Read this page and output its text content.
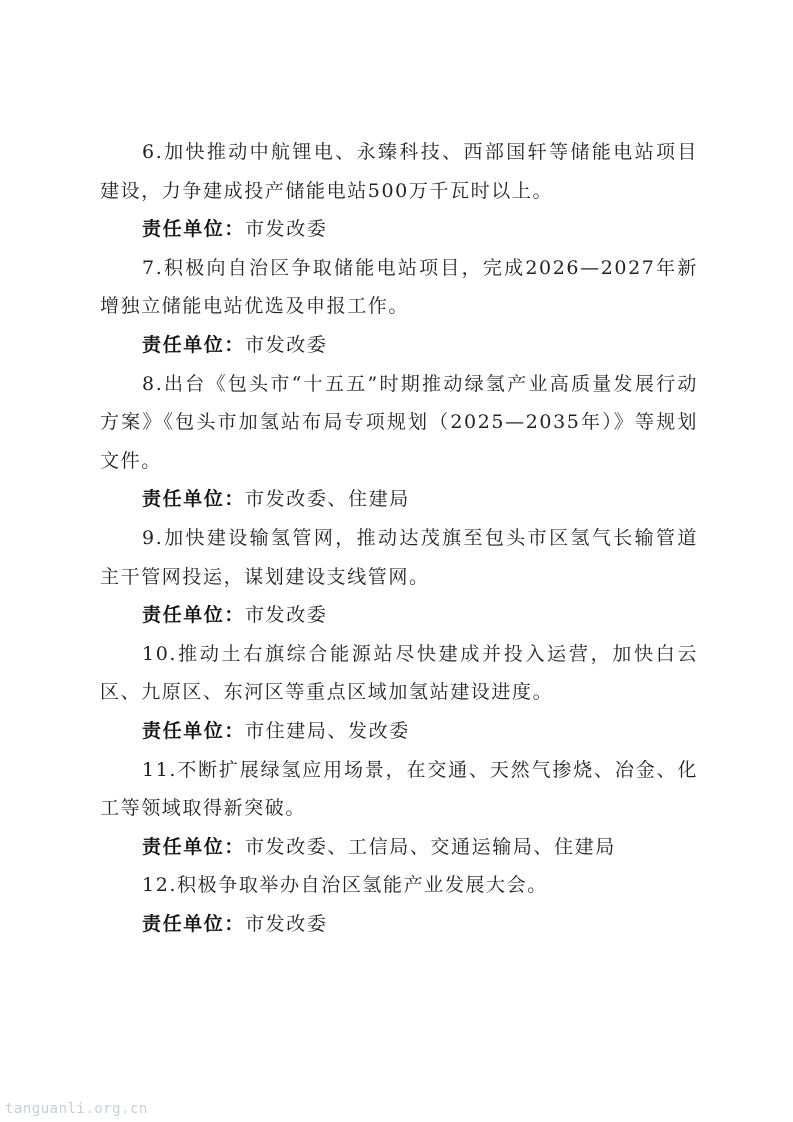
6.加快推动中航锂电、永臻科技、西部国轩等储能电站项目建设，力争建成投产储能电站500万千瓦时以上。

责任单位：市发改委

7.积极向自治区争取储能电站项目，完成2026—2027年新增独立储能电站优选及申报工作。

责任单位：市发改委

8.出台《包头市“十五五”时期推动绿氢产业高质量发展行动方案》《包头市加氢站布局专项规划（2025—2035年）》等规划文件。

责任单位：市发改委、住建局

9.加快建设输氢管网，推动达茂旗至包头市区氢气长输管道主干管网投运，谋划建设支线管网。

责任单位：市发改委

10.推动土右旗综合能源站尽快建成并投入运营，加快白云区、九原区、东河区等重点区域加氢站建设进度。

责任单位：市住建局、发改委

11.不断扩展绿氢应用场景，在交通、天然气掺烧、冶金、化工等领域取得新突破。

责任单位：市发改委、工信局、交通运输局、住建局

12.积极争取举办自治区氢能产业发展大会。

责任单位：市发改委

tanguanli.org.cn
